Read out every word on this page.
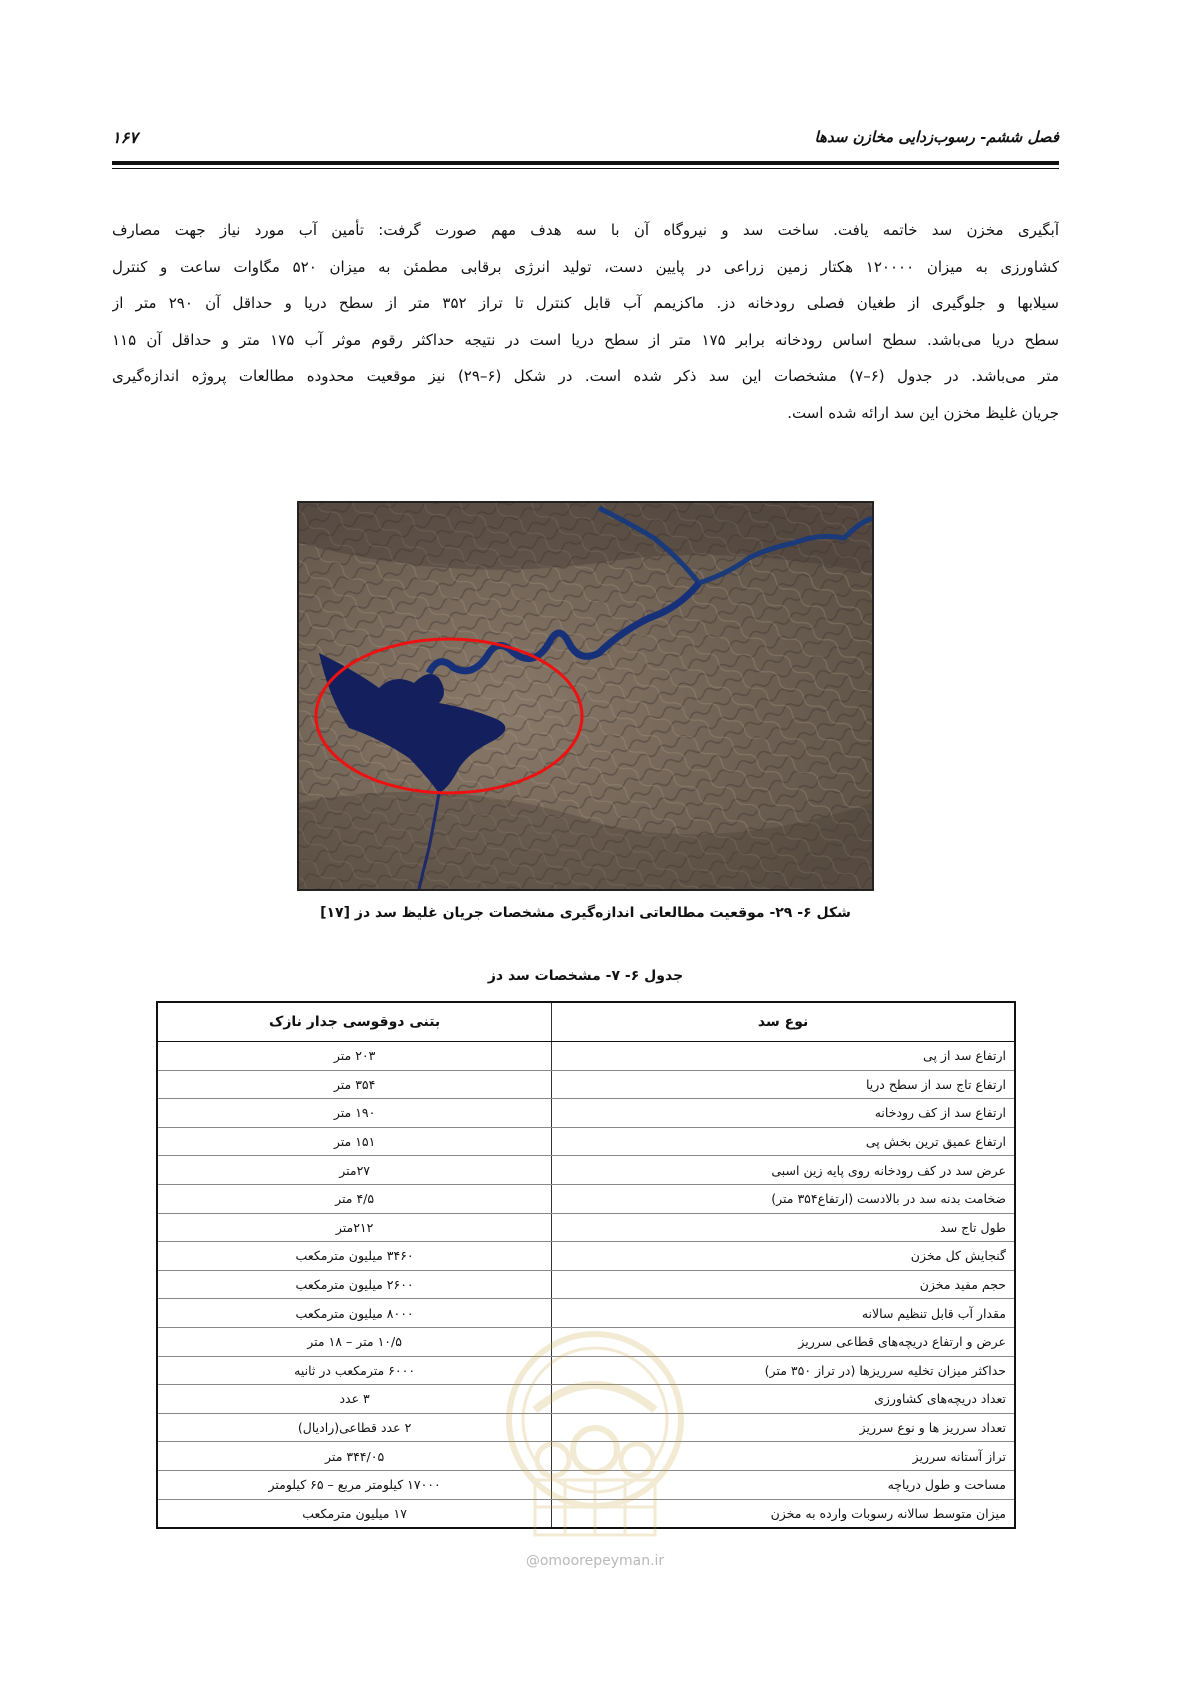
فصل ششم- رسوب‌زدایی مخازن سدها
۱۶۷
آبگیری مخزن سد خاتمه یافت. ساخت سد و نیروگاه آن با سه هدف مهم صورت گرفت: تأمین آب مورد نیاز جهت مصارف
کشاورزی به میزان ۱۲۰۰۰۰ هکتار زمین زراعی در پایین دست، تولید انرژی برقابی مطمئن به میزان ۵۲۰ مگاوات ساعت و کنترل
سیلابها و جلوگیری از طغیان فصلی رودخانه دز. ماکزیمم آب قابل کنترل تا تراز ۳۵۲ متر از سطح دریا و حداقل آن ۲۹۰ متر از
سطح دریا می‌باشد. سطح اساس رودخانه برابر ۱۷۵ متر از سطح دریا است در نتیجه حداکثر رقوم موثر آب ۱۷۵ متر و حداقل آن ۱۱۵
متر می‌باشد. در جدول (۶–۷) مشخصات این سد ذکر شده است. در شکل (۶–۲۹) نیز موقعیت محدوده مطالعات پروژه اندازه‌گیری
جریان غلیظ مخزن این سد ارائه شده است.
شکل ۶- ۲۹- موقعیت مطالعاتی اندازه‌گیری مشخصات جریان غلیظ سد دز [۱۷]
جدول ۶- ۷- مشخصات سد دز
نوع سد	بتنی دوقوسی جدار نازک
ارتفاع سد از پی	۲۰۳ متر
ارتفاع تاج سد از سطح دریا	۳۵۴ متر
ارتفاع سد از کف رودخانه	۱۹۰ متر
ارتفاع عمیق ترین بخش پی	۱۵۱ متر
عرض سد در کف رودخانه روی پایه زین اسبی	۲۷متر
ضخامت بدنه سد در بالادست (ارتفاع۳۵۴ متر)	۴/۵ متر
طول تاج سد	۲۱۲متر
گنجایش کل مخزن	۳۴۶۰ میلیون مترمکعب
حجم مفید مخزن	۲۶۰۰ میلیون مترمکعب
مقدار آب قابل تنظیم سالانه	۸۰۰۰ میلیون مترمکعب
عرض و ارتفاع دریچه‌های قطاعی سرریز	۱۰/۵ متر – ۱۸ متر
حداکثر میزان تخلیه سرریزها (در تراز ۳۵۰ متر)	۶۰۰۰ مترمکعب در ثانیه
تعداد دریچه‌های کشاورزی	۳ عدد
تعداد سرریز ها و نوع سرریز	۲ عدد قطاعی(رادیال)
تراز آستانه سرریز	۳۴۴/۰۵ متر
مساحت و طول دریاچه	۱۷۰۰۰ کیلومتر مربع – ۶۵ کیلومتر
میزان متوسط سالانه رسوبات وارده به مخزن	۱۷ میلیون مترمکعب
@omoorepeyman.ir
